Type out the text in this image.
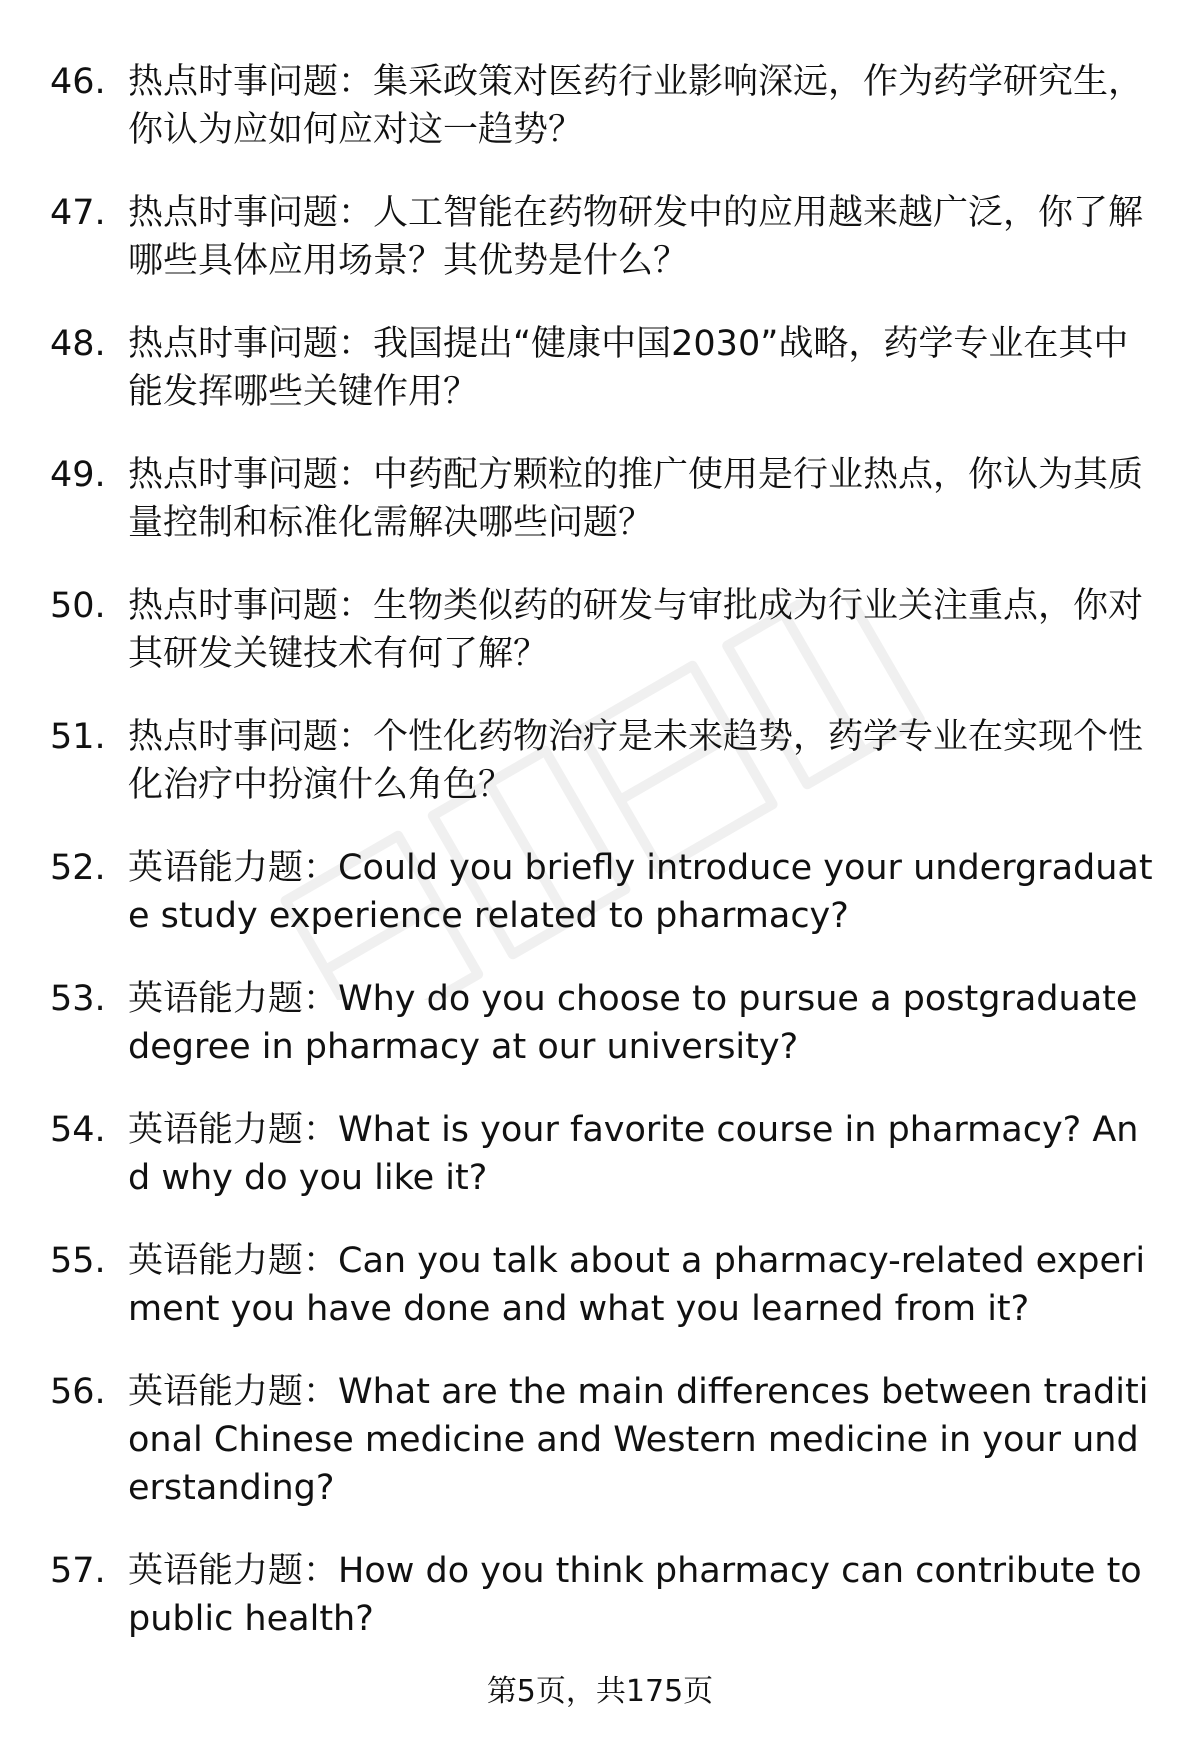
46. 热点时事问题：集采政策对医药行业影响深远，作为药学研究生，你认为应如何应对这一趋势？
47. 热点时事问题：人工智能在药物研发中的应用越来越广泛，你了解哪些具体应用场景？其优势是什么？
48. 热点时事问题：我国提出“健康中国2030”战略，药学专业在其中能发挥哪些关键作用？
49. 热点时事问题：中药配方颗粒的推广使用是行业热点，你认为其质量控制和标准化需解决哪些问题？
50. 热点时事问题：生物类似药的研发与审批成为行业关注重点，你对其研发关键技术有何了解？
51. 热点时事问题：个性化药物治疗是未来趋势，药学专业在实现个性化治疗中扮演什么角色？
52. 英语能力题：Could you briefly introduce your undergraduate study experience related to pharmacy?
53. 英语能力题：Why do you choose to pursue a postgraduate degree in pharmacy at our university?
54. 英语能力题：What is your favorite course in pharmacy? And why do you like it?
55. 英语能力题：Can you talk about a pharmacy-related experiment you have done and what you learned from it?
56. 英语能力题：What are the main differences between traditional Chinese medicine and Western medicine in your understanding?
57. 英语能力题：How do you think pharmacy can contribute to public health?
第5页，共175页
